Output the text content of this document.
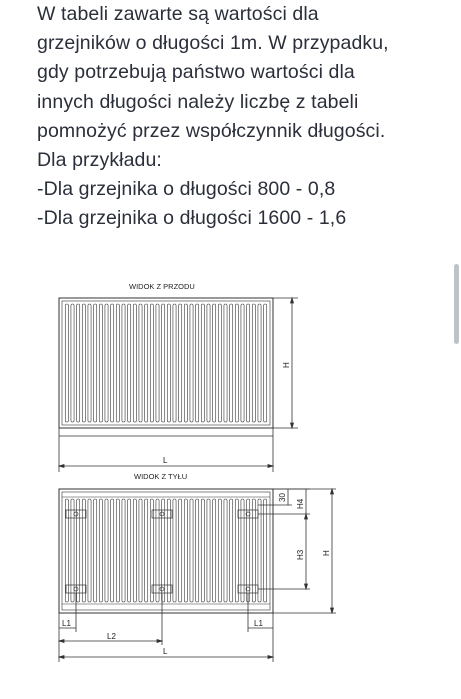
W tabeli zawarte są wartości dla

grzejników o długości 1m. W przypadku,

gdy potrzebują państwo wartości dla

innych długości należy liczbę z tabeli

pomnożyć przez współczynnik długości.

Dla przykładu:

-Dla grzejnika o długości 800 - 0,8

-Dla grzejnika o długości 1600 - 1,6

WIDOK Z PRZODU
WIDOK Z TYŁU
L
H
30
H4
H3 H
L1	L1
L2
L
